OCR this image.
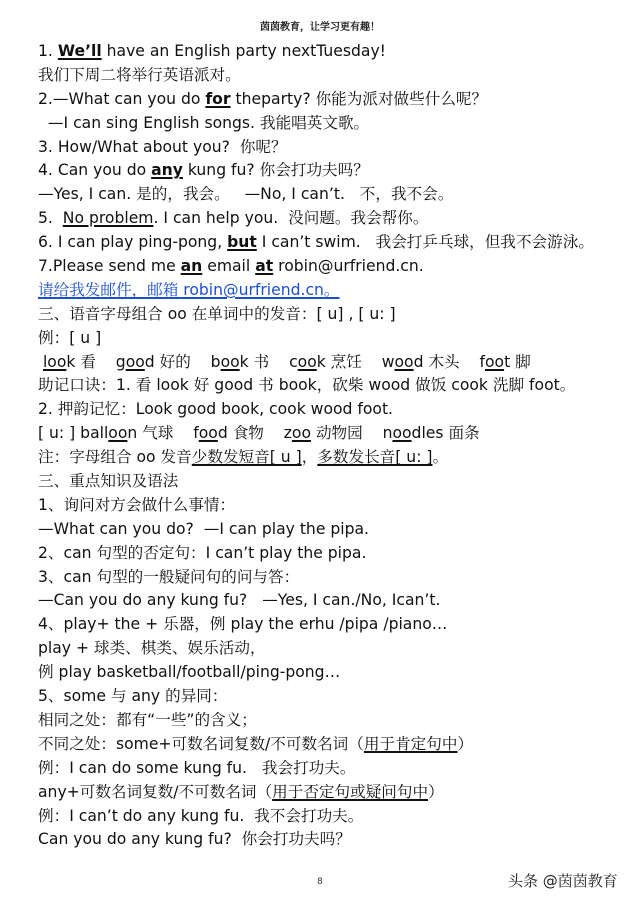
茵茵教育，让学习更有趣！
1. We’ll have an English party nextTuesday!
我们下周二将举行英语派对。
2.—What can you do for theparty? 你能为派对做些什么呢？
—I can sing English songs. 我能唱英文歌。
3. How/What about you?  你呢？
4. Can you do any kung fu? 你会打功夫吗？
—Yes, I can. 是的，我会。   —No, I can’t.   不，我不会。
5.  No problem. I can help you.  没问题。我会帮你。
6. I can play ping-pong, but I can’t swim.   我会打乒乓球，但我不会游泳。
7.Please send me an email at robin@urfriend.cn.
请给我发邮件，邮箱 robin@urfriend.cn。
三、语音字母组合 oo 在单词中的发音：[ u] , [ u: ]
例：[ u ]
look 看    good 好的    book 书    cook 烹饪    wood 木头    foot 脚
助记口诀：1. 看 look 好 good 书 book，砍柴 wood 做饭 cook 洗脚 foot。
2. 押韵记忆：Look good book, cook wood foot.
[ u: ] balloon 气球    food 食物    zoo 动物园    noodles 面条
注：字母组合 oo 发音少数发短音[ u ]，多数发长音[ u: ]。
三、重点知识及语法
1、询问对方会做什么事情：
—What can you do?  —I can play the pipa.
2、can 句型的否定句：I can’t play the pipa.
3、can 句型的一般疑问句的问与答：
—Can you do any kung fu?   —Yes, I can./No, Ican’t.
4、play+ the + 乐器，例 play the erhu /pipa /piano…
play + 球类、棋类、娱乐活动，
例 play basketball/football/ping-pong…
5、some 与 any 的异同：
相同之处：都有“一些”的含义；
不同之处：some+可数名词复数/不可数名词（用于肯定句中）
例：I can do some kung fu.   我会打功夫。
any+可数名词复数/不可数名词（用于否定句或疑问句中）
例：I can’t do any kung fu.  我不会打功夫。
Can you do any kung fu?  你会打功夫吗？
8	头条 @茵茵教育
